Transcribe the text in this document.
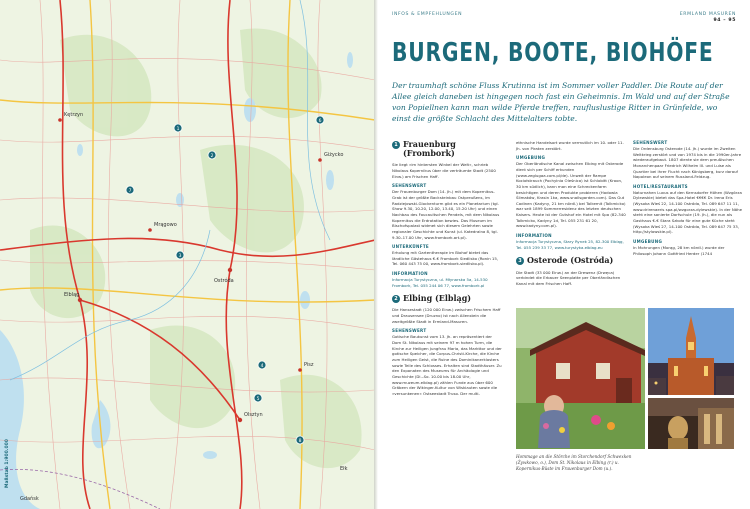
Elbląg
Ostróda
Gdańsk
Olsztyn
Giżycko
Mrągowo
Pisz
Ełk
Kętrzyn
1
2
3
4
5
6
7
8
Maßstab 1:900.000
INFOS & EMPFEHLUNGEN	ERMLAND MASUREN
94 – 95
BURGEN, BOOTE, BIOHÖFE
Der traumhaft schöne Fluss Krutinna ist im Sommer voller Paddler. Die Route auf der Allee gleich daneben ist hingegen noch fast ein Geheimnis. Im Wald und auf der Straße von Popiellnen kann man wilde Pferde treffen, raufluslustige Ritter in Grünfelde, wo einst die größte Schlacht des Mittelalters tobte.
1 Frauenburg (Frombork)

Sie liegt »im hintersten Winkel der Welt«, schrieb Nikolaus Kopernikus über die verträumte Stadt (2500 Einw.) am Frischen Haff.

SEHENSWERT

Der Frauenburger Dom (14. Jh.) mit dem Kopernikus-Grab ist der größte Backsteinbau Ostpreußens, im Radziejowski-Glockenturm gibt es ein Planetarium (tgl. Show 9.30, 10.20, 12.00, 13.40, 15.20 Uhr) und einen Nachbau des Foucaultschen Pendels, mit dem Nikolaus Kopernikus die Erdrotation bewies. Das Museum im Bischofspalast widmet sich diesem Gelehrten sowie regionaler Geschichte und Kunst (ul. Katedralna 8, tgl. 9.30–17.00 Uhr, www.frombork.art.pl).

UNTERKÜNFTE

Erholung mit Gartentherapie im Biohof bietet das ländliche Gästehaus €-€ Frombork Siedlisko (Ronin 15, Tel. 060 443 75 00, www.frombork-siedlisko.pl).

INFORMATION

Informacja Turystyczna, ul. Młynarska 5a, 14-530 Frombork, Tel. 055 244 06 77, www.frombork.pl

2 Elbing (Elbląg)

Die Hansestadt (120 000 Einw.) zwischen Frischem Haff und Drausensee (Druzno) ist nach Allenstein die zweitgrößte Stadt in Ermland-Masuren.

SEHENSWERT

Gotische Baukunst vom 13. Jh. an repräsentiert der Dom St. Nikolaus mit seinem 97 m hohen Turm, die Kirche zur Heiligen Jungfrau Maria, das Markttor und der gotische Speicher, die Corpus-Christi-Kirche, die Kirche zum Heiligen Geist, die Ruine des Dominikanerklosters sowie Teile des Schlosses. Erhalten sind Stadthäuser. Zu den Exponaten des Museums für Archäologie und Geschichte (Di.–So. 10.00 bis 18.00 Uhr, www.muzeum.elblag.pl) zählen Funde aus über 600 Gräbern der Wikinger-Kultur von Wiskiauten sowie die »versunkenen« Ostseestadt Truso. Der multi-

ethnische Handelsort wurde vermutlich im 10. oder 11. Jh. von Piraten zerstört.

UMGEBUNG

Der Oberländische Kanal zwischen Elbing mit Osterode dient sich per Schiff erkunden (www.zeglugaa.com.pl/de). Unweit der Rampe Kociołstrauch (Pochylnia Oleśnica) ist Schlobitt (Kroon, 30 km südlich), kann man eine Schreckenfarm besichtigen und deren Produkte probieren (Hodowla Ślimaków, Krasin 1ka, www.snailsgarden.com). Das Gut Cadinen (Kadyny, 21 km nördl.) bei Tolkemit (Tolkmicko) war seit 1899 Sommerresidenz des letzten deutschen Kaisers. Heute ist der Gutshof ein Hotel mit Spa (82-340 Tolkmicko, Kadyny 1d, Tel. 055 231 61 20, www.kadyny.com.pl).

INFORMATION

Informacja Turystyczna, Stary Rynek 25, 82-300 Elbląg, Tel. 055 239 33 77, www.turystyka.elblag.eu

3 Osterode (Ostróda)

Die Stadt (33 000 Einw.) an der Drewenz (Drwęca) verbindet die Erbauer Seenplatte per Oberländischen Kanal mit dem Frischen Haff.

SEHENSWERT

Die Ordensburg Osterode (14. Jh.) wurde im Zweiten Weltkrieg zerstört und von 1974 bis in die 1990er-Jahre wiederaufgebaut. 1807 diente sie dem preußischen Monarchenpaar Friedrich Wilhelm III. und Luise als Quartier bei ihrer Flucht nach Königsberg, kurz darauf Napoleon auf seinem Russland-Feldzug.

HOTEL/RESTAURANTS

Naturnahen Luxus auf den Kernsdorfer Höhen (Wzgórza Dylewskie) bietet das Spa-Hotel €€€€ Dr. Irena Eris (Wysoka Wieś 22, 14-100 Ostróda, Tel. 089 647 11 11, www.drirenaeris spa.pl/wzgorza-dylewskie). In der Nähe steht eine sanierte Dorfschule (19. Jh.), die nun als Gasthaus €-€ Stara Szkoła für eine gute Küche steht (Wysoka Wieś 27, 14-100 Ostróda, Tel. 089 647 75 33, http://stylowskie.pl).

UMGEBUNG

In Mohrungen (Morąg, 28 km nördl.) wurde der Philosoph Johann Gottfried Herder (1744

Hommage an die Störche im Storchendorf Schwexken (Żywkowo, o.), Dom St. Nikolaus in Elbing (r.) u. Kopernikus-Büste im Frauenburger Dom (u.).
